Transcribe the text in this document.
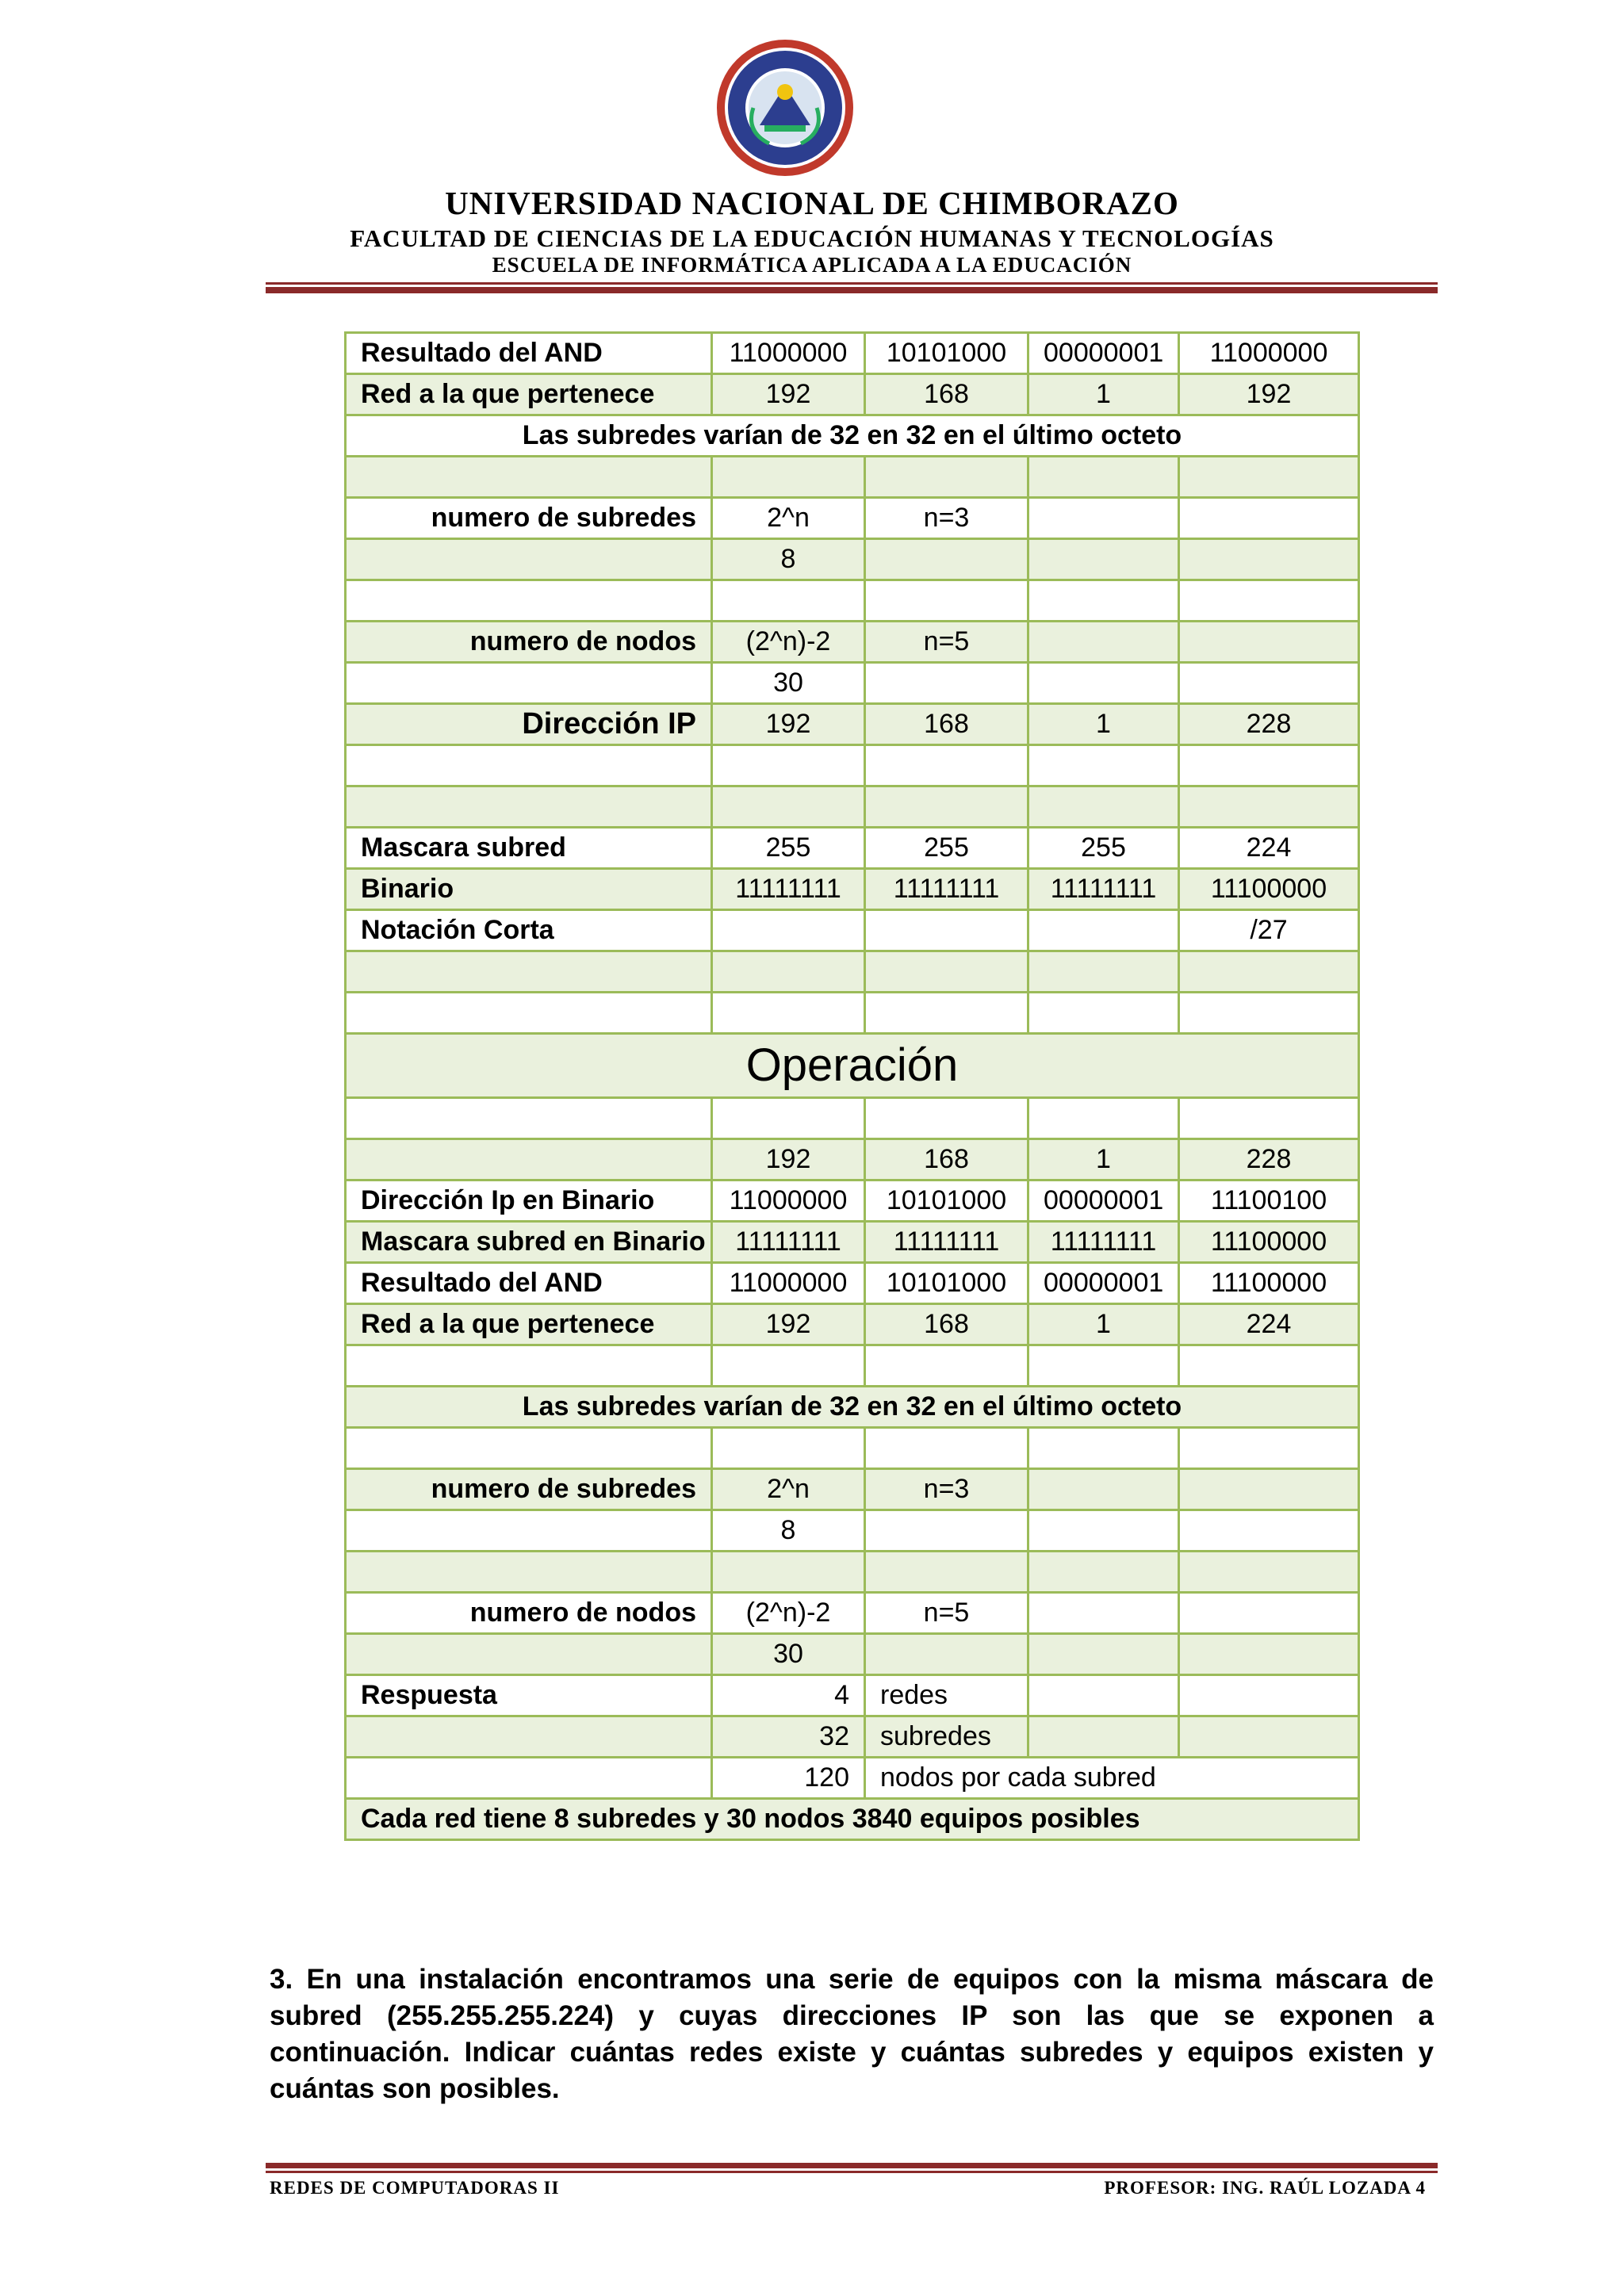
UNIVERSIDAD NACIONAL DE CHIMBORAZO
FACULTAD DE CIENCIAS DE LA EDUCACIÓN HUMANAS Y TECNOLOGÍAS
ESCUELA DE INFORMÁTICA APLICADA A LA EDUCACIÓN
Resultado del AND	11000000	10101000	00000001	11000000
Red a la que pertenece	192	168	1	192
Las subredes varían de 32 en 32 en el último octeto				

numero de subredes	2^n	n=3		
	8			

numero de nodos	(2^n)-2	n=5		
	30			
Dirección IP	192	168	1	228

Mascara subred	255	255	255	224
Binario	11111111	11111111	11111111	11100000
Notación Corta				/27

Operación				

	192	168	1	228
Dirección Ip en Binario	11000000	10101000	00000001	11100100
Mascara subred en Binario	11111111	11111111	11111111	11100000
Resultado del AND	11000000	10101000	00000001	11100000
Red a la que pertenece	192	168	1	224

Las subredes varían de 32 en 32 en el último octeto				

numero de subredes	2^n	n=3		
	8			

numero de nodos	(2^n)-2	n=5		
	30			
Respuesta	4	redes		
	32	subredes		
	120	nodos por cada subred		
Cada red tiene 8 subredes y 30 nodos 3840 equipos posibles				
3. En una instalación encontramos una serie de equipos con la misma máscara de subred (255.255.255.224) y cuyas direcciones IP son las que se exponen a continuación. Indicar cuántas redes existe y cuántas subredes y equipos existen y cuántas son posibles.
REDES DE COMPUTADORAS II	PROFESOR: ING. RAÚL LOZADA 4
